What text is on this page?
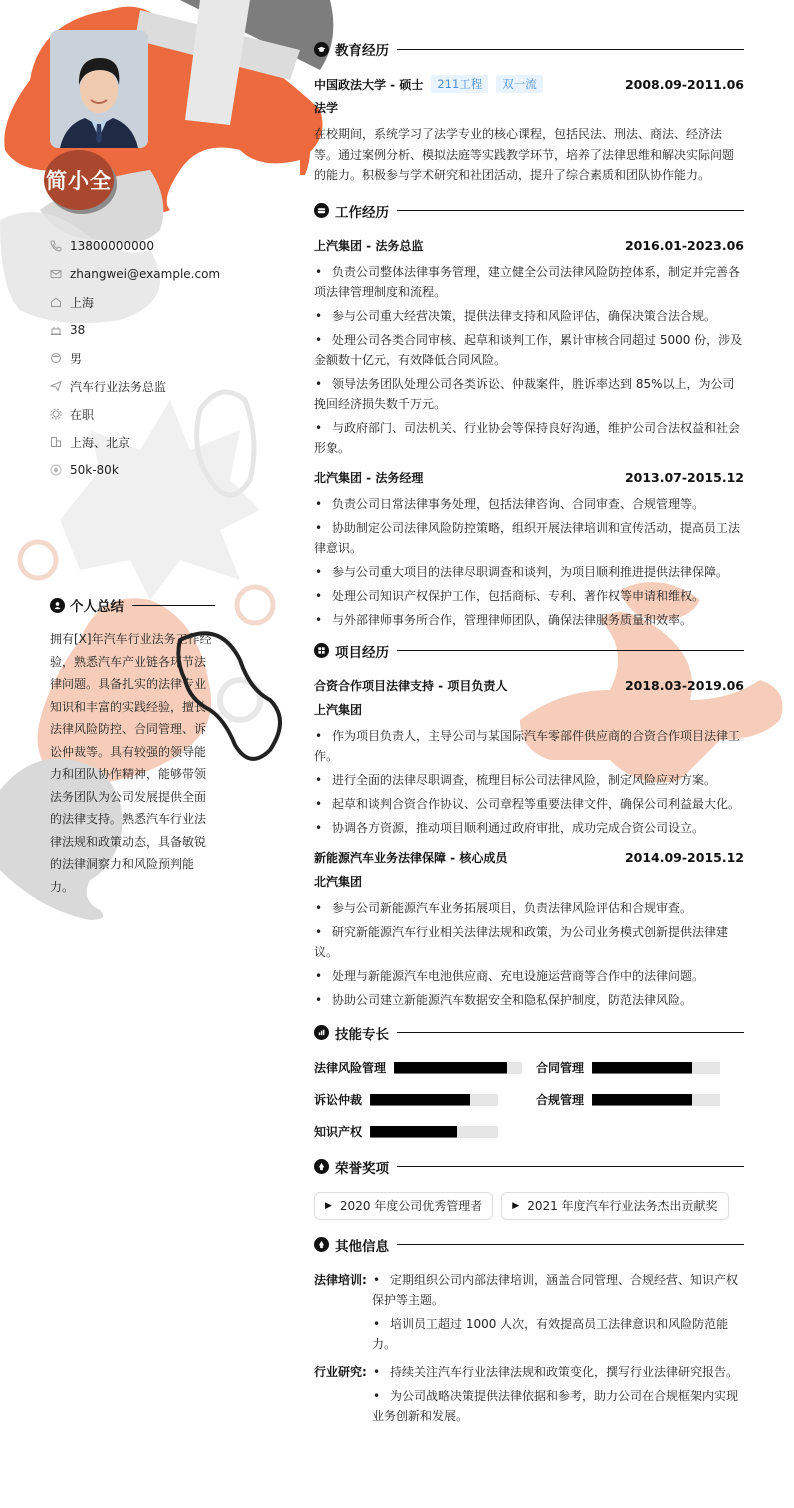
简小全
13800000000
zhangwei@example.com
上海
38
男
汽车行业法务总监
在职
上海、北京
50k-80k
个人总结

拥有[X]年汽车行业法务工作经验，熟悉汽车产业链各环节法律问题。具备扎实的法律专业知识和丰富的实践经验，擅长法律风险防控、合同管理、诉讼仲裁等。具有较强的领导能力和团队协作精神，能够带领法务团队为公司发展提供全面的法律支持。熟悉汽车行业法律法规和政策动态，具备敏锐的法律洞察力和风险预判能力。

教育经历
中国政法大学 - 硕士	211工程	双一流	2008.09-2011.06
法学

在校期间，系统学习了法学专业的核心课程，包括民法、刑法、商法、经济法等。通过案例分析、模拟法庭等实践教学环节，培养了法律思维和解决实际问题的能力。积极参与学术研究和社团活动，提升了综合素质和团队协作能力。

工作经历
上汽集团 - 法务总监	2016.01-2023.06
• 负责公司整体法律事务管理，建立健全公司法律风险防控体系，制定并完善各项法律管理制度和流程。
• 参与公司重大经营决策，提供法律支持和风险评估，确保决策合法合规。
• 处理公司各类合同审核、起草和谈判工作，累计审核合同超过 5000 份，涉及金额数十亿元，有效降低合同风险。
• 领导法务团队处理公司各类诉讼、仲裁案件，胜诉率达到 85%以上，为公司挽回经济损失数千万元。
• 与政府部门、司法机关、行业协会等保持良好沟通，维护公司合法权益和社会形象。
北汽集团 - 法务经理	2013.07-2015.12
• 负责公司日常法律事务处理，包括法律咨询、合同审查、合规管理等。
• 协助制定公司法律风险防控策略，组织开展法律培训和宣传活动，提高员工法律意识。
• 参与公司重大项目的法律尽职调查和谈判，为项目顺利推进提供法律保障。
• 处理公司知识产权保护工作，包括商标、专利、著作权等申请和维权。
• 与外部律师事务所合作，管理律师团队，确保法律服务质量和效率。
项目经历
合资合作项目法律支持 - 项目负责人	2018.03-2019.06
上汽集团
• 作为项目负责人，主导公司与某国际汽车零部件供应商的合资合作项目法律工作。
• 进行全面的法律尽职调查，梳理目标公司法律风险，制定风险应对方案。
• 起草和谈判合资合作协议、公司章程等重要法律文件，确保公司利益最大化。
• 协调各方资源，推动项目顺利通过政府审批，成功完成合资公司设立。
新能源汽车业务法律保障 - 核心成员	2014.09-2015.12
北汽集团
• 参与公司新能源汽车业务拓展项目，负责法律风险评估和合规审查。
• 研究新能源汽车行业相关法律法规和政策，为公司业务模式创新提供法律建议。
• 处理与新能源汽车电池供应商、充电设施运营商等合作中的法律问题。
• 协助公司建立新能源汽车数据安全和隐私保护制度，防范法律风险。
技能专长
法律风险管理	合同管理
诉讼仲裁	合规管理
知识产权
荣誉奖项
▶ 2020 年度公司优秀管理者	▶ 2021 年度汽车行业法务杰出贡献奖
其他信息
法律培训:	• 定期组织公司内部法律培训，涵盖合同管理、合规经营、知识产权保护等主题。
• 培训员工超过 1000 人次，有效提高员工法律意识和风险防范能力。
行业研究:	• 持续关注汽车行业法律法规和政策变化，撰写行业法律研究报告。
• 为公司战略决策提供法律依据和参考，助力公司在合规框架内实现业务创新和发展。
